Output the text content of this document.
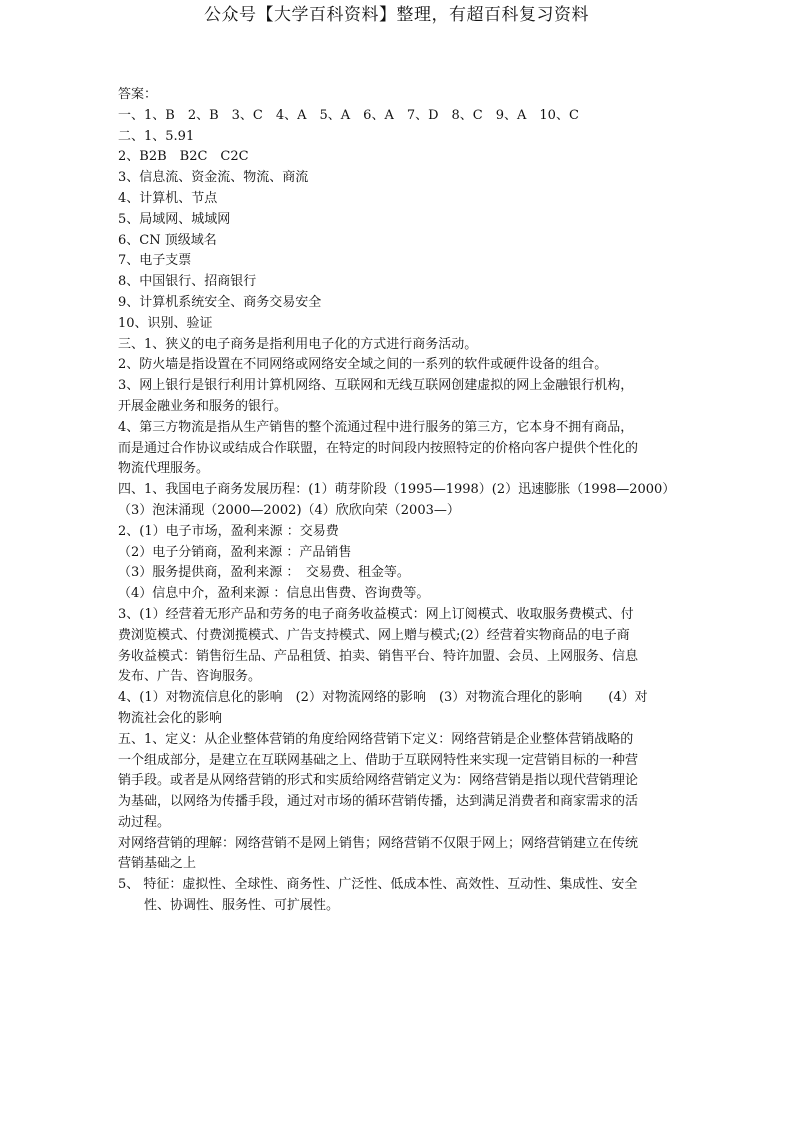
公众号【大学百科资料】整理，有超百科复习资料
答案：
一、1、B　2、B　3、C　4、A　5、A　6、A　7、D　8、C　9、A　10、C
二、1、5.91
2、B2B　B2C　C2C
3、信息流、资金流、物流、商流
4、计算机、节点
5、局域网、城域网
6、CN 顶级域名
7、电子支票
8、中国银行、招商银行
9、计算机系统安全、商务交易安全
10、识别、验证
三、1、狭义的电子商务是指利用电子化的方式进行商务活动。
2、防火墙是指设置在不同网络或网络安全域之间的一系列的软件或硬件设备的组合。
3、网上银行是银行利用计算机网络、互联网和无线互联网创建虚拟的网上金融银行机构，
开展金融业务和服务的银行。
4、第三方物流是指从生产销售的整个流通过程中进行服务的第三方，它本身不拥有商品，
而是通过合作协议或结成合作联盟，在特定的时间段内按照特定的价格向客户提供个性化的
物流代理服务。
四、1、我国电子商务发展历程：(1）萌芽阶段（1995—1998）(2）迅速膨胀（1998—2000）
（3）泡沫涌现（2000—2002)（4）欣欣向荣（2003—）
2、(1）电子市场，盈利来源 ：交易费
（2）电子分销商，盈利来源 ：产品销售
（3）服务提供商，盈利来源 ：　交易费、租金等。
（4）信息中介，盈利来源 ：信息出售费、咨询费等。
3、(1）经营着无形产品和劳务的电子商务收益模式：网上订阅模式、收取服务费模式、付
费浏览模式、付费浏揽模式、广告支持模式、网上赠与模式;(2）经营着实物商品的电子商
务收益模式：销售衍生品、产品租赁、拍卖、销售平台、特许加盟、会员、上网服务、信息
发布、广告、咨询服务。
4、(1）对物流信息化的影响　(2）对物流网络的影响　(3）对物流合理化的影响　　(4）对
物流社会化的影响
五、1、定义：从企业整体营销的角度给网络营销下定义：网络营销是企业整体营销战略的
一个组成部分，是建立在互联网基础之上、借助于互联网特性来实现一定营销目标的一种营
销手段。或者是从网络营销的形式和实质给网络营销定义为：网络营销是指以现代营销理论
为基础，以网络为传播手段，通过对市场的循环营销传播，达到满足消费者和商家需求的活
动过程。
对网络营销的理解：网络营销不是网上销售；网络营销不仅限于网上；网络营销建立在传统
营销基础之上
5、 特征：虚拟性、全球性、商务性、广泛性、低成本性、高效性、互动性、集成性、安全
性、协调性、服务性、可扩展性。
